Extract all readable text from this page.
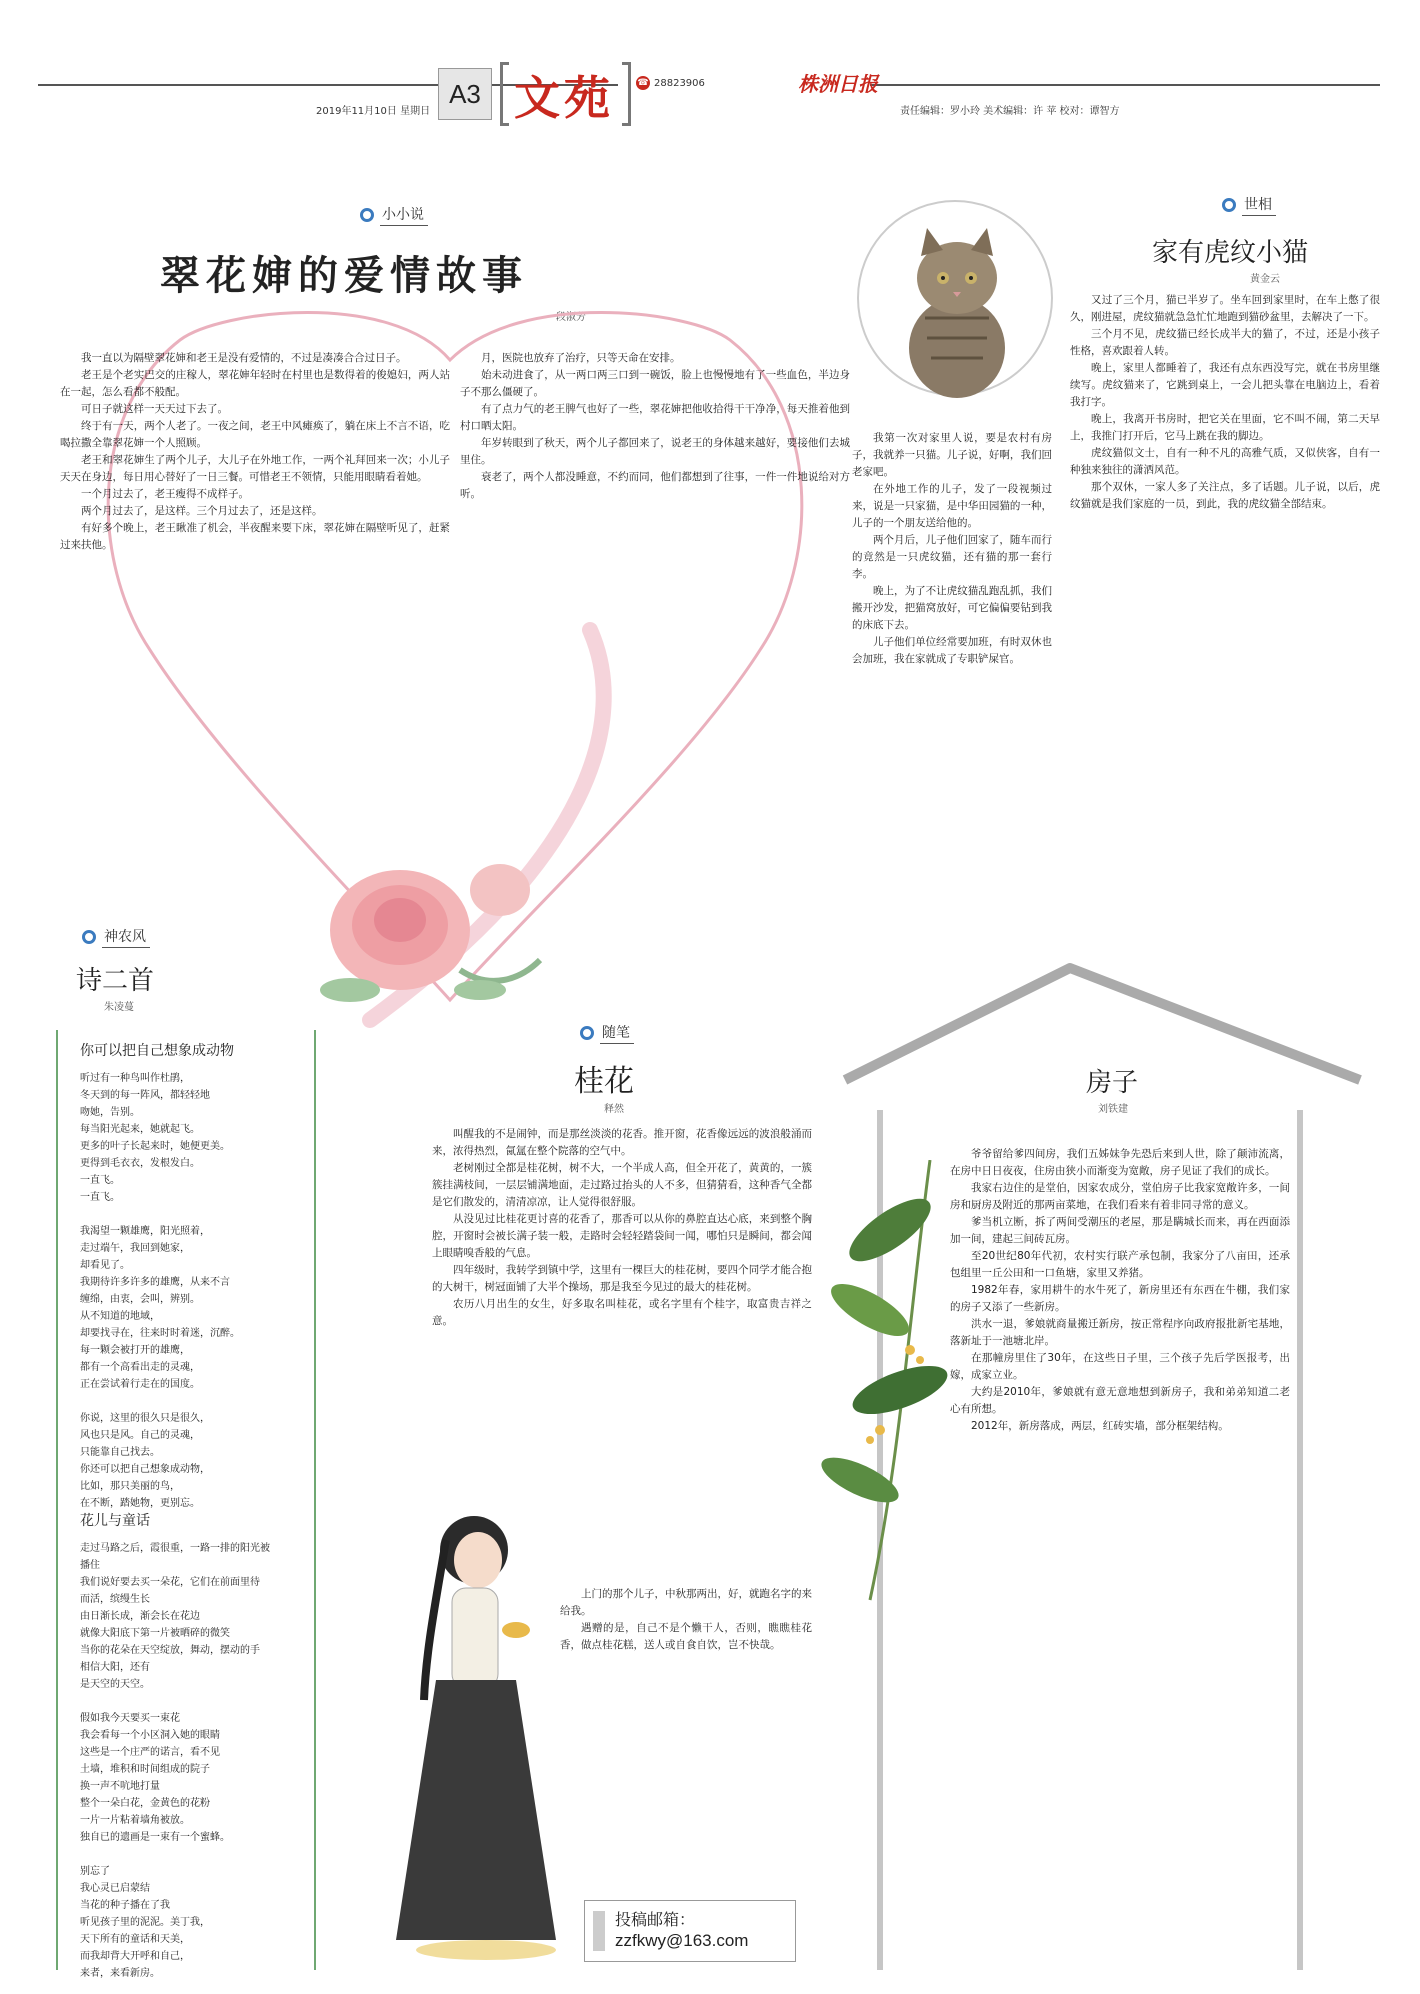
2019年11月10日 星期日
A3 文苑	☎ 28823906	株洲日报
责任编辑：罗小玲 美术编辑：许 苹 校对：谭智方
小小说
翠花婶的爱情故事
段淑芳

我一直以为隔壁翠花婶和老王是没有爱情的，不过是凑凑合合过日子。

老王是个老实巴交的庄稼人，翠花婶年轻时在村里也是数得着的俊媳妇，两人站在一起，怎么看都不般配。

可日子就这样一天天过下去了。

终于有一天，两个人老了。一夜之间，老王中风瘫痪了，躺在床上不言不语，吃喝拉撒全靠翠花婶一个人照顾。

老王和翠花婶生了两个儿子，大儿子在外地工作，一两个礼拜回来一次；小儿子天天在身边，每日用心替好了一日三餐。可惜老王不领情，只能用眼睛看着她。

一个月过去了，老王瘦得不成样子。

两个月过去了，是这样。三个月过去了，还是这样。

有好多个晚上，老王瞅准了机会，半夜醒来要下床，翠花婶在隔壁听见了，赶紧过来扶他。

月，医院也放弃了治疗，只等天命在安排。

始未动进食了，从一两口两三口到一碗饭，脸上也慢慢地有了一些血色，半边身子不那么僵硬了。

有了点力气的老王脾气也好了一些，翠花婶把他收拾得干干净净，每天推着他到村口晒太阳。

年岁转眼到了秋天，两个儿子都回来了，说老王的身体越来越好，要接他们去城里住。

衰老了，两个人都没睡意，不约而同，他们都想到了往事，一件一件地说给对方听。

世相
家有虎纹小猫
黄金云

又过了三个月，猫已半岁了。坐车回到家里时，在车上憋了很久，刚进屋，虎纹猫就急急忙忙地跑到猫砂盆里，去解决了一下。

三个月不见，虎纹猫已经长成半大的猫了，不过，还是小孩子性格，喜欢跟着人转。

晚上，家里人都睡着了，我还有点东西没写完，就在书房里继续写。虎纹猫来了，它跳到桌上，一会儿把头靠在电脑边上，看着我打字。

晚上，我离开书房时，把它关在里面，它不叫不闹，第二天早上，我推门打开后，它马上跳在我的脚边。

虎纹猫似文士，自有一种不凡的高雅气质，又似侠客，自有一种独来独往的潇洒风范。

那个双休，一家人多了关注点，多了话题。儿子说，以后，虎纹猫就是我们家庭的一员，到此，我的虎纹猫全部结束。

我第一次对家里人说，要是农村有房子，我就养一只猫。儿子说，好啊，我们回老家吧。

在外地工作的儿子，发了一段视频过来，说是一只家猫，是中华田园猫的一种，儿子的一个朋友送给他的。

两个月后，儿子他们回家了，随车而行的竟然是一只虎纹猫，还有猫的那一套行李。

晚上，为了不让虎纹猫乱跑乱抓，我们搬开沙发，把猫窝放好，可它偏偏要钻到我的床底下去。

儿子他们单位经常要加班，有时双休也会加班，我在家就成了专职铲屎官。

神农风
诗二首
朱凌蔓
你可以把自己想象成动物

听过有一种鸟叫作杜鹃，

冬天到的每一阵风，都轻轻地

吻她，告别。

每当阳光起来，她就起飞。

更多的叶子长起来时，她便更美。

更得到毛衣衣，发根发白。

一直飞。

一直飞。

我渴望一颗雄鹰，阳光照着，

走过端午，我回到她家，

却看见了。

我期待许多许多的雄鹰，从来不言

缠绵，由衷，会叫，辨别。

从不知道的地域，

却要找寻在，往来时时着迷，沉醉。

每一颗会被打开的雄鹰，

都有一个高看出走的灵魂，

正在尝试着行走在的国度。

你说，这里的很久只是很久，

风也只是风。自己的灵魂，

只能靠自己找去。

你还可以把自己想象成动物，

比如，那只美丽的鸟，

在不断，踏她物，更别忘。

花儿与童话

走过马路之后，霞很重，一路一排的阳光被

播住

我们说好要去买一朵花，它们在前面里待

而活，缤缦生长

由日渐长成，渐会长在花边

就像大阳底下第一片被晒碎的微笑

当你的花朵在天空绽放，舞动，摆动的手

相信大阳，还有

是天空的天空。

假如我今天要买一束花

我会看每一个小区洞入她的眼睛

这些是一个庄严的诺言，看不见

土墙，堆积和时间组成的院子

换一声不吭地打量

整个一朵白花，金黄色的花粉

一片一片粘着墙角被放。

独自已的遗画是一束有一个蜜蜂。

别忘了

我心灵已启蒙结

当花的种子播在了我

听见孩子里的泥泥。美丁我，

天下所有的童话和天美，

而我却背大开呼和自己，

来者，来看新房。

随笔
桂花
释然

叫醒我的不是闹钟，而是那丝淡淡的花香。推开窗，花香像远远的波浪般涌而来，浓得热烈，氤氲在整个院落的空气中。

老树刚过全都是桂花树，树不大，一个半成人高，但全开花了，黄黄的，一簇簇挂满枝间，一层层铺满地面，走过路过抬头的人不多，但猜猜看，这种香气全都是它们散发的，清清凉凉，让人觉得很舒服。

从没见过比桂花更讨喜的花香了，那香可以从你的鼻腔直达心底，来到整个胸腔，开窗时会被长满子装一般，走路时会轻轻踏袋间一闻，哪怕只是瞬间，都会闻上眼睛嗅香般的气息。

四年级时，我转学到镇中学，这里有一棵巨大的桂花树，要四个同学才能合抱的大树干，树冠面铺了大半个操场，那是我至今见过的最大的桂花树。

农历八月出生的女生，好多取名叫桂花，或名字里有个桂字，取富贵吉祥之意。

上门的那个儿子，中秋那两出，好，就跑名字的来给我。

遇赠的是，自己不是个懒干人，否则，瞧瞧桂花香，做点桂花糕，送人或自食自饮，岂不快哉。

投稿邮箱：
zzfkwy@163.com
房子
刘铁建

爷爷留给爹四间房，我们五姊妹争先恐后来到人世，除了颠沛流离，在房中日日夜夜，住房由狭小而渐变为宽敞，房子见证了我们的成长。

我家右边住的是堂伯，因家农成分，堂伯房子比我家宽敞许多，一间房和厨房及附近的那两亩菜地，在我们看来有着非同寻常的意义。

爹当机立断，拆了两间受潮压的老屋，那是瞒城长而来，再在西面添加一间，建起三间砖瓦房。

至20世纪80年代初，农村实行联产承包制，我家分了八亩田，还承包组里一丘公田和一口鱼塘，家里又养猪。

1982年春，家用耕牛的水牛死了，新房里还有东西在牛棚，我们家的房子又添了一些新房。

洪水一退，爹娘就商量搬迁新房，按正常程序向政府报批新宅基地，落新址于一池塘北岸。

在那幢房里住了30年，在这些日子里，三个孩子先后学医报考，出嫁，成家立业。

大约是2010年，爹娘就有意无意地想到新房子，我和弟弟知道二老心有所想。

2012年，新房落成，两层，红砖实墙，部分框架结构。
